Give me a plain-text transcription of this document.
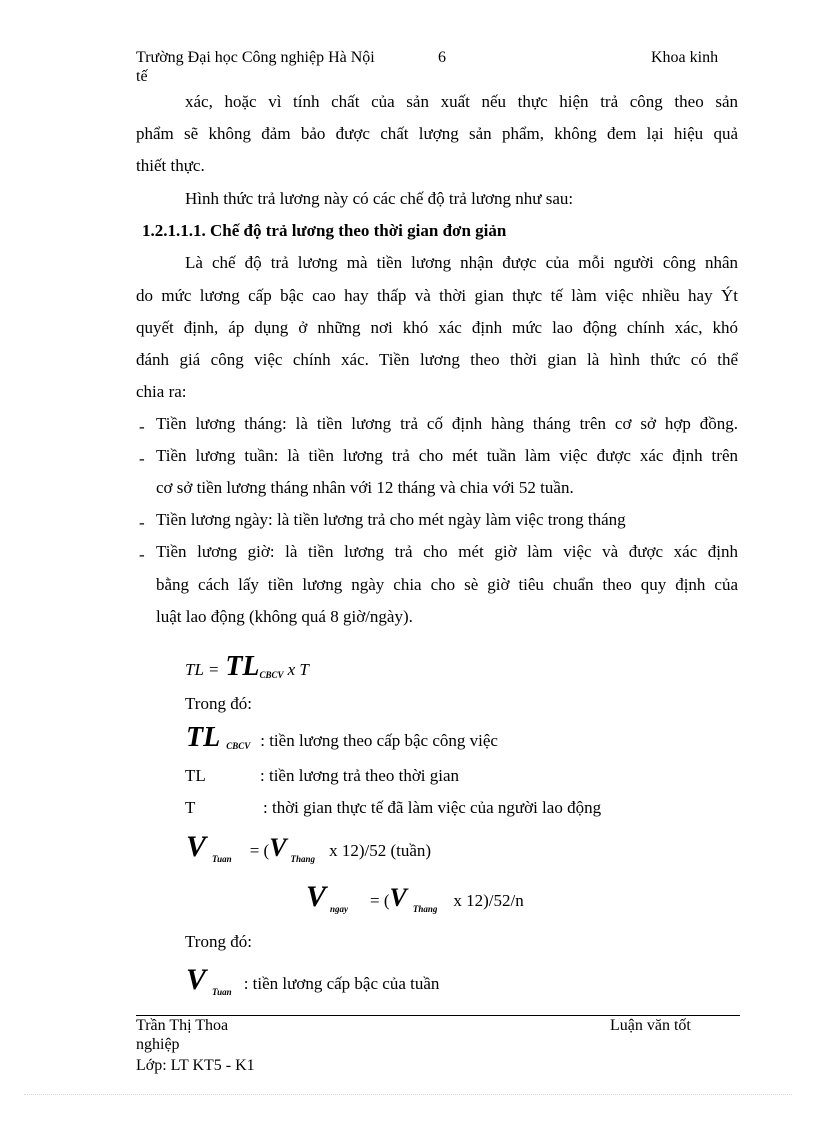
Trường Đại học Công nghiệp Hà Nội	6	Khoa kinh
tế
xác, hoặc vì tính chất của sản xuất nếu thực hiện trả công theo sản
phẩm sẽ không đảm bảo được chất lượng sản phẩm, không đem lại hiệu quả
thiết thực.
Hình thức trả lương này có các chế độ trả lương như sau:
1.2.1.1.1. Chế độ trả lương theo thời gian đơn giản
Là chế độ trả lương mà tiền lương nhận được của mỗi người công nhân
do mức lương cấp bậc cao hay thấp và thời gian thực tế làm việc nhiều hay Ýt
quyết định, áp dụng ở những nơi khó xác định mức lao động chính xác, khó
đánh giá công việc chính xác. Tiền lương theo thời gian là hình thức có thể
chia ra:
- Tiền lương tháng: là tiền lương trả cố định hàng tháng trên cơ sở hợp đồng.
- Tiền lương tuần: là tiền lương trả cho mét tuần làm việc được xác định trên
cơ sở tiền lương tháng nhân với 12 tháng và chia với 52 tuần.
- Tiền lương ngày: là tiền lương trả cho mét ngày làm việc trong tháng
- Tiền lương giờ: là tiền lương trả cho mét giờ làm việc và được xác định
bằng cách lấy tiền lương ngày chia cho sè giờ tiêu chuẩn theo quy định của
luật lao động (không quá 8 giờ/ngày).
TL = $TL_{CBCV}$ x T
Trong đó:
TL $_{CBCV}$ : tiền lương theo cấp bậc công việc
TL	: tiền lương trả theo thời gian
T	: thời gian thực tế đã làm việc của người lao động
V $_{Tuan}$ = (V $_{Thang}$ x 12)/52 (tuần)
V $_{ngay}$ = (V $_{Thang}$ x 12)/52/n
Trong đó:
V $_{Tuan}$ : tiền lương cấp bậc của tuần
Trần Thị Thoa	Luận văn tốt
nghiệp
Lớp: LT KT5 - K1
